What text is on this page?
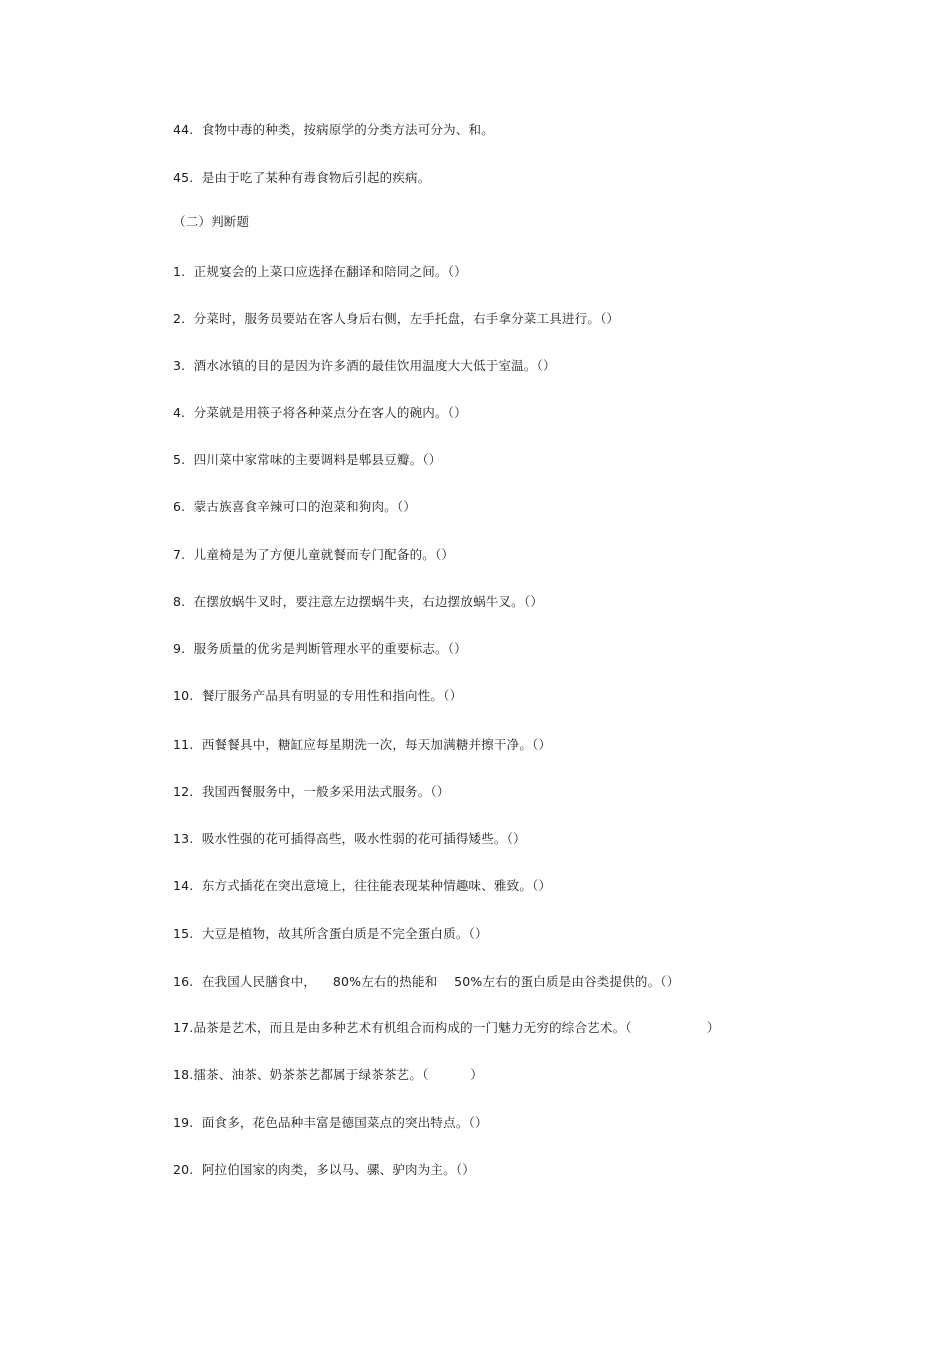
44.  食物中毒的种类，按病原学的分类方法可分为、和。
45.  是由于吃了某种有毒食物后引起的疾病。
（二）判断题
1.  正规宴会的上菜口应选择在翻译和陪同之间。（）
2.  分菜时，服务员要站在客人身后右侧，左手托盘，右手拿分菜工具进行。（）
3.  酒水冰镇的目的是因为许多酒的最佳饮用温度大大低于室温。（）
4.  分菜就是用筷子将各种菜点分在客人的碗内。（）
5.  四川菜中家常味的主要调料是郫县豆瓣。（）
6.  蒙古族喜食辛辣可口的泡菜和狗肉。（）
7.  儿童椅是为了方便儿童就餐而专门配备的。（）
8.  在摆放蜗牛叉时，要注意左边摆蜗牛夹，右边摆放蜗牛叉。（）
9.  服务质量的优劣是判断管理水平的重要标志。（）
10.  餐厅服务产品具有明显的专用性和指向性。（）
11.  西餐餐具中，糖缸应每星期洗一次，每天加满糖并擦干净。（）
12.  我国西餐服务中，一般多采用法式服务。（）
13.  吸水性强的花可插得高些，吸水性弱的花可插得矮些。（）
14.  东方式插花在突出意境上，往往能表现某种情趣味、雅致。（）
15.  大豆是植物，故其所含蛋白质是不完全蛋白质。（）
16.  在我国人民膳食中，    80%左右的热能和    50%左右的蛋白质是由谷类提供的。（）
17.品茶是艺术，而且是由多种艺术有机组合而构成的一门魅力无穷的综合艺术。（                  ）
18.擂茶、油茶、奶茶茶艺都属于绿茶茶艺。（          ）
19.  面食多，花色品种丰富是德国菜点的突出特点。（）
20.  阿拉伯国家的肉类，多以马、骡、驴肉为主。（）
